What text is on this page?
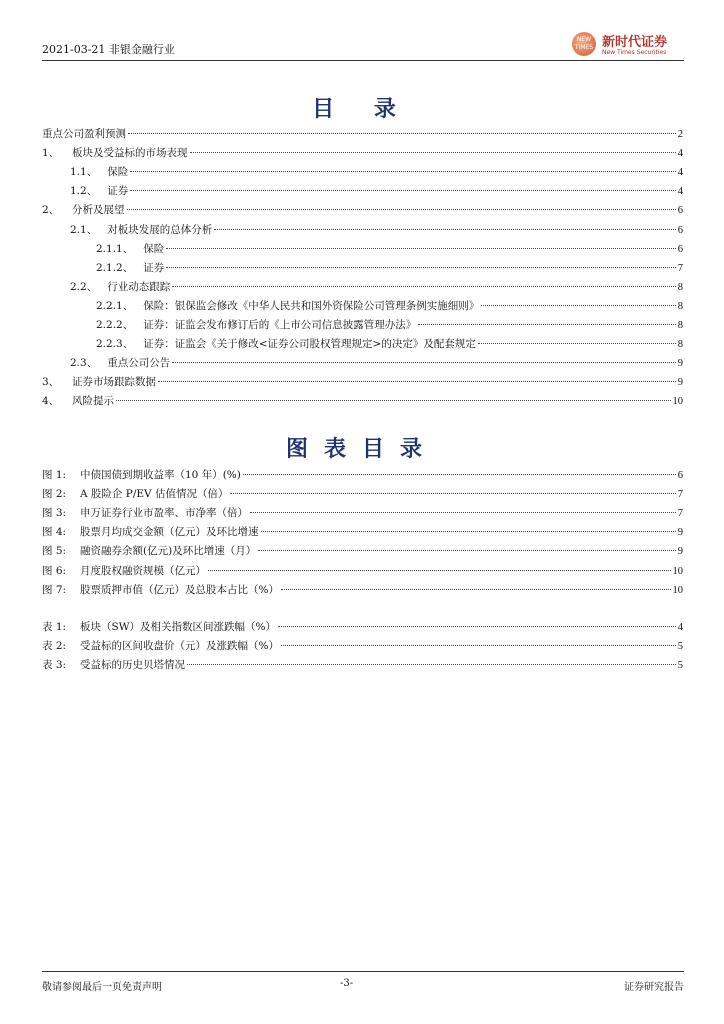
2021-03-21 非银金融行业
NEW TIMES 新时代证券
New Times Securities
目 录
重点公司盈利预测	2
1、 板块及受益标的市场表现	4
1.1、 保险	4
1.2、 证券	4
2、 分析及展望	6
2.1、 对板块发展的总体分析	6
2.1.1、 保险	6
2.1.2、 证券	7
2.2、 行业动态跟踪	8
2.2.1、 保险：银保监会修改《中华人民共和国外资保险公司管理条例实施细则》	8
2.2.2、 证券：证监会发布修订后的《上市公司信息披露管理办法》	8
2.2.3、 证券：证监会《关于修改<证券公司股权管理规定>的决定》及配套规定	8
2.3、 重点公司公告	9
3、 证券市场跟踪数据	9
4、 风险提示	10
图表目录
图 1:	中债国债到期收益率（10 年）(%)	6
图 2:	A 股险企 P/EV 估值情况（倍）	7
图 3:	申万证券行业市盈率、市净率（倍）	7
图 4:	股票月均成交金额（亿元）及环比增速	9
图 5:	融资融券余额(亿元)及环比增速（月）	9
图 6:	月度股权融资规模（亿元）	10
图 7:	股票质押市值（亿元）及总股本占比（%）	10
表 1:	板块（SW）及相关指数区间涨跌幅（%）	4
表 2:	受益标的区间收盘价（元）及涨跌幅（%）	5
表 3:	受益标的历史贝塔情况	5
敬请参阅最后一页免责声明	-3-	证券研究报告
